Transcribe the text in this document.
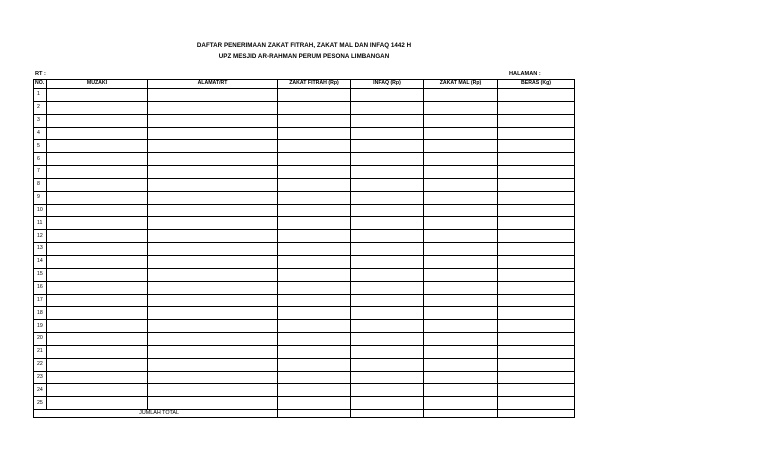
DAFTAR PENERIMAAN ZAKAT FITRAH, ZAKAT MAL DAN INFAQ 1442 H
UPZ MESJID AR-RAHMAN PERUM PESONA LIMBANGAN
RT :	HALAMAN :
NO.	MUZAKI	ALAMAT/RT	ZAKAT FITRAH (Rp)	INFAQ (Rp)	ZAKAT MAL (Rp)	BERAS (Kg)
1						
2						
3						
4						
5						
6						
7						
8						
9						
10						
11						
12						
13						
14						
15						
16						
17						
18						
19						
20						
21						
22						
23						
24						
25						
JUMLAH TOTAL						
